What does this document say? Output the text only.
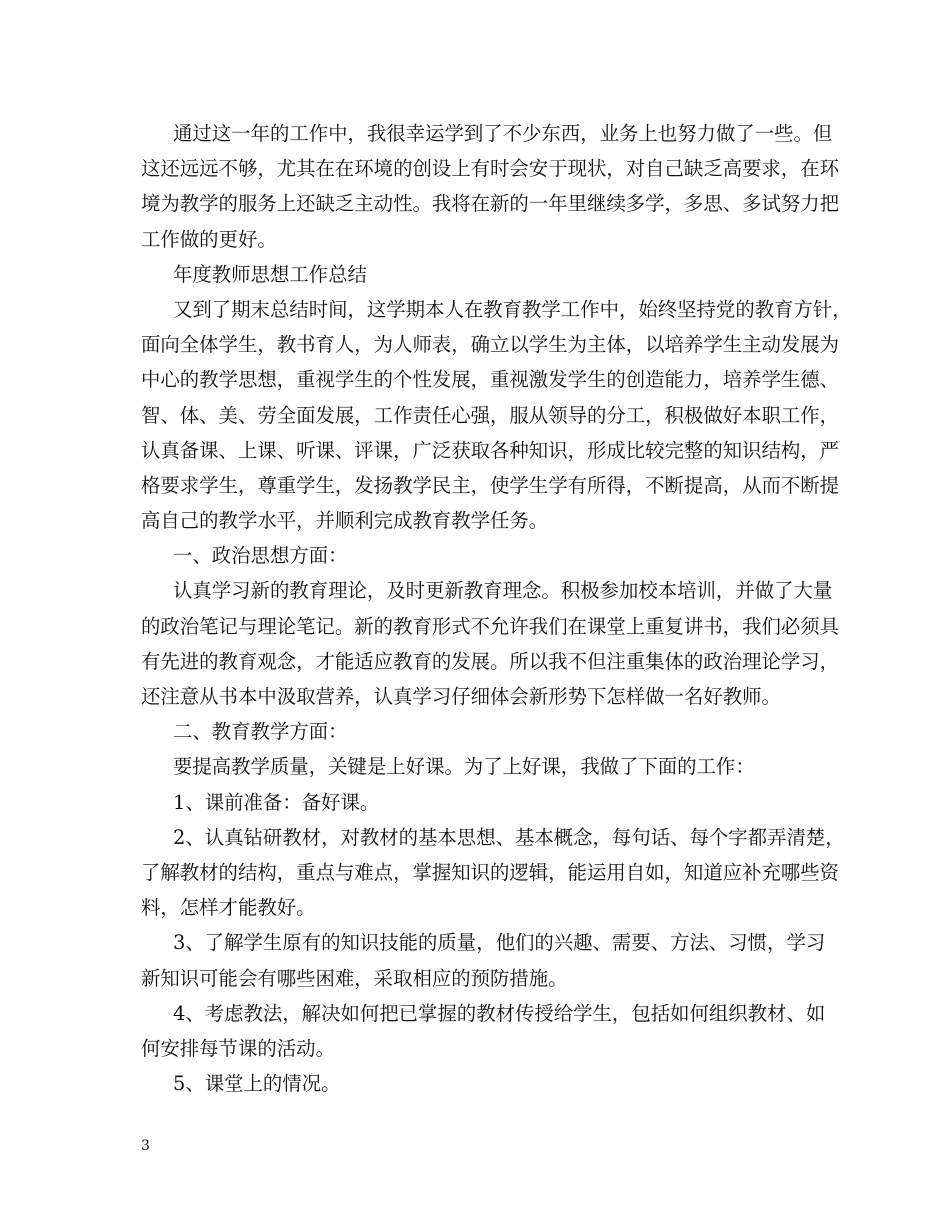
通过这一年的工作中，我很幸运学到了不少东西，业务上也努力做了一些。但
这还远远不够，尤其在在环境的创设上有时会安于现状，对自己缺乏高要求，在环
境为教学的服务上还缺乏主动性。我将在新的一年里继续多学，多思、多试努力把
工作做的更好。
年度教师思想工作总结
又到了期末总结时间，这学期本人在教育教学工作中，始终坚持党的教育方针，
面向全体学生，教书育人，为人师表，确立以学生为主体，以培养学生主动发展为
中心的教学思想，重视学生的个性发展，重视激发学生的创造能力，培养学生德、
智、体、美、劳全面发展，工作责任心强，服从领导的分工，积极做好本职工作，
认真备课、上课、听课、评课，广泛获取各种知识，形成比较完整的知识结构，严
格要求学生，尊重学生，发扬教学民主，使学生学有所得，不断提高，从而不断提
高自己的教学水平，并顺利完成教育教学任务。
一、政治思想方面：
认真学习新的教育理论，及时更新教育理念。积极参加校本培训，并做了大量
的政治笔记与理论笔记。新的教育形式不允许我们在课堂上重复讲书，我们必须具
有先进的教育观念，才能适应教育的发展。所以我不但注重集体的政治理论学习，
还注意从书本中汲取营养，认真学习仔细体会新形势下怎样做一名好教师。
二、教育教学方面：
要提高教学质量，关键是上好课。为了上好课，我做了下面的工作：
1、课前准备：备好课。
2、认真钻研教材，对教材的基本思想、基本概念，每句话、每个字都弄清楚，
了解教材的结构，重点与难点，掌握知识的逻辑，能运用自如，知道应补充哪些资
料，怎样才能教好。
3、了解学生原有的知识技能的质量，他们的兴趣、需要、方法、习惯，学习
新知识可能会有哪些困难，采取相应的预防措施。
4、考虑教法，解决如何把已掌握的教材传授给学生，包括如何组织教材、如
何安排每节课的活动。
5、课堂上的情况。
3
